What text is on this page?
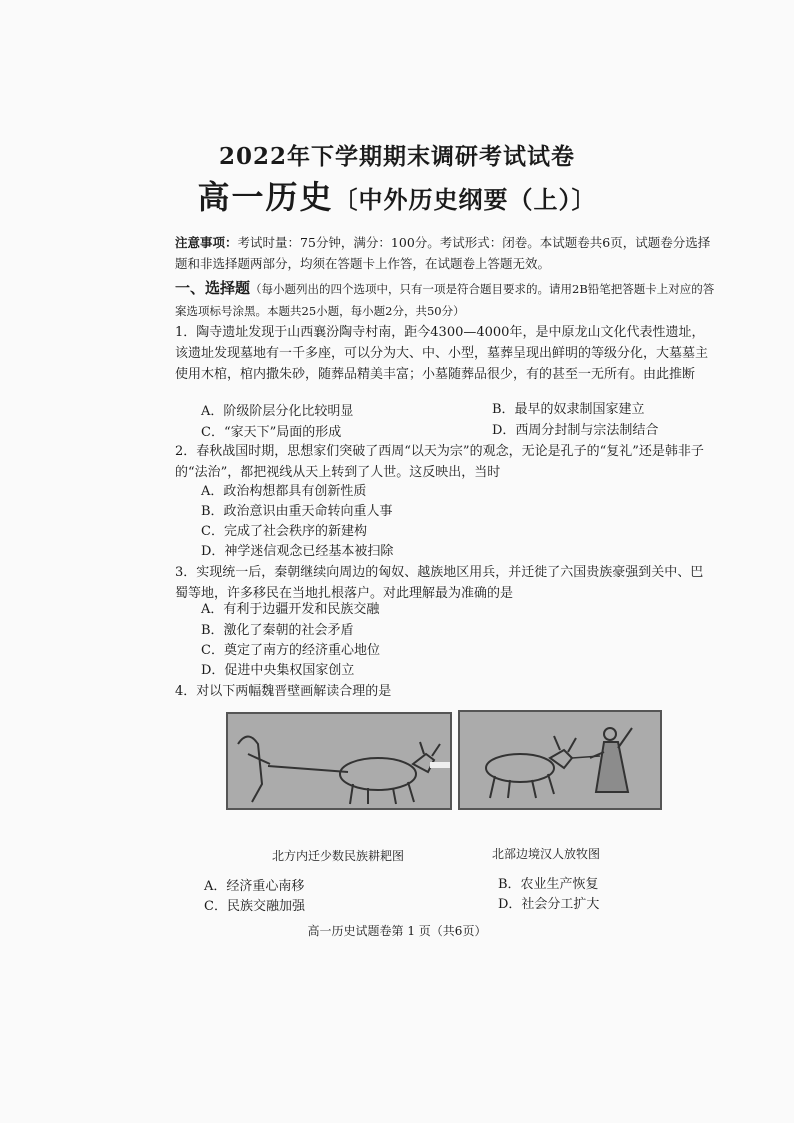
2022年下学期期末调研考试试卷
高一历史〔中外历史纲要（上）〕
注意事项：考试时量：75分钟，满分：100分。考试形式：闭卷。本试题卷共6页，试题卷分选择题和非选择题两部分，均须在答题卡上作答，在试题卷上答题无效。
一、选择题（每小题列出的四个选项中，只有一项是符合题目要求的。请用2B铅笔把答题卡上对应的答案选项标号涂黑。本题共25小题，每小题2分，共50分）
1．陶寺遗址发现于山西襄汾陶寺村南，距今4300—4000年，是中原龙山文化代表性遗址，该遗址发现墓地有一千多座，可以分为大、中、小型，墓葬呈现出鲜明的等级分化，大墓墓主使用木棺，棺内撒朱砂，随葬品精美丰富；小墓随葬品很少，有的甚至一无所有。由此推断
A．阶级阶层分化比较明显	B．最早的奴隶制国家建立
C．“家天下”局面的形成	D．西周分封制与宗法制结合
2．春秋战国时期，思想家们突破了西周“以天为宗”的观念，无论是孔子的“复礼”还是韩非子的“法治”，都把视线从天上转到了人世。这反映出，当时
A．政治构想都具有创新性质
B．政治意识由重天命转向重人事
C．完成了社会秩序的新建构
D．神学迷信观念已经基本被扫除
3．实现统一后，秦朝继续向周边的匈奴、越族地区用兵，并迁徙了六国贵族豪强到关中、巴蜀等地，许多移民在当地扎根落户。对此理解最为准确的是
A．有利于边疆开发和民族交融
B．激化了秦朝的社会矛盾
C．奠定了南方的经济重心地位
D．促进中央集权国家创立
4．对以下两幅魏晋壁画解读合理的是
北方内迁少数民族耕耙图	北部边境汉人放牧图
A．经济重心南移	B．农业生产恢复
C．民族交融加强	D．社会分工扩大
高一历史试题卷第 1 页（共6页）
